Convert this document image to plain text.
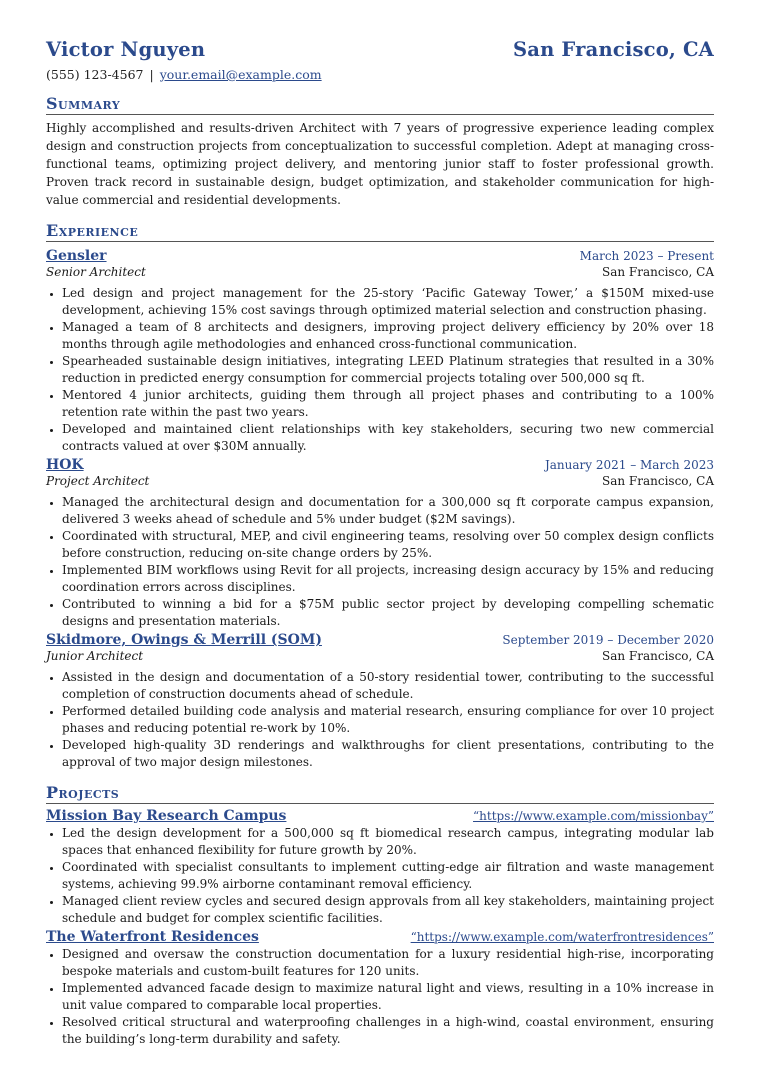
Victor Nguyen	San Francisco, CA
(555) 123-4567 | your.email@example.com
Summary
Highly accomplished and results-driven Architect with 7 years of progressive experience leading complex design and construction projects from conceptualization to successful completion. Adept at managing cross-functional teams, optimizing project delivery, and mentoring junior staff to foster professional growth. Proven track record in sustainable design, budget optimization, and stakeholder communication for high-value commercial and residential developments.
Experience
Gensler	March 2023 – Present
Senior Architect	San Francisco, CA
• Led design and project management for the 25-story ‘Pacific Gateway Tower,’ a $150M mixed-use development, achieving 15% cost savings through optimized material selection and construction phasing.
• Managed a team of 8 architects and designers, improving project delivery efficiency by 20% over 18 months through agile methodologies and enhanced cross-functional communication.
• Spearheaded sustainable design initiatives, integrating LEED Platinum strategies that resulted in a 30% reduction in predicted energy consumption for commercial projects totaling over 500,000 sq ft.
• Mentored 4 junior architects, guiding them through all project phases and contributing to a 100% retention rate within the past two years.
• Developed and maintained client relationships with key stakeholders, securing two new commercial contracts valued at over $30M annually.
HOK	January 2021 – March 2023
Project Architect	San Francisco, CA
• Managed the architectural design and documentation for a 300,000 sq ft corporate campus expansion, delivered 3 weeks ahead of schedule and 5% under budget ($2M savings).
• Coordinated with structural, MEP, and civil engineering teams, resolving over 50 complex design conflicts before construction, reducing on-site change orders by 25%.
• Implemented BIM workflows using Revit for all projects, increasing design accuracy by 15% and reducing coordination errors across disciplines.
• Contributed to winning a bid for a $75M public sector project by developing compelling schematic designs and presentation materials.
Skidmore, Owings & Merrill (SOM)	September 2019 – December 2020
Junior Architect	San Francisco, CA
• Assisted in the design and documentation of a 50-story residential tower, contributing to the successful completion of construction documents ahead of schedule.
• Performed detailed building code analysis and material research, ensuring compliance for over 10 project phases and reducing potential re-work by 10%.
• Developed high-quality 3D renderings and walkthroughs for client presentations, contributing to the approval of two major design milestones.
Projects
Mission Bay Research Campus	“https://www.example.com/missionbay”
• Led the design development for a 500,000 sq ft biomedical research campus, integrating modular lab spaces that enhanced flexibility for future growth by 20%.
• Coordinated with specialist consultants to implement cutting-edge air filtration and waste management systems, achieving 99.9% airborne contaminant removal efficiency.
• Managed client review cycles and secured design approvals from all key stakeholders, maintaining project schedule and budget for complex scientific facilities.
The Waterfront Residences	“https://www.example.com/waterfrontresidences”
• Designed and oversaw the construction documentation for a luxury residential high-rise, incorporating bespoke materials and custom-built features for 120 units.
• Implemented advanced facade design to maximize natural light and views, resulting in a 10% increase in unit value compared to comparable local properties.
• Resolved critical structural and waterproofing challenges in a high-wind, coastal environment, ensuring the building’s long-term durability and safety.
